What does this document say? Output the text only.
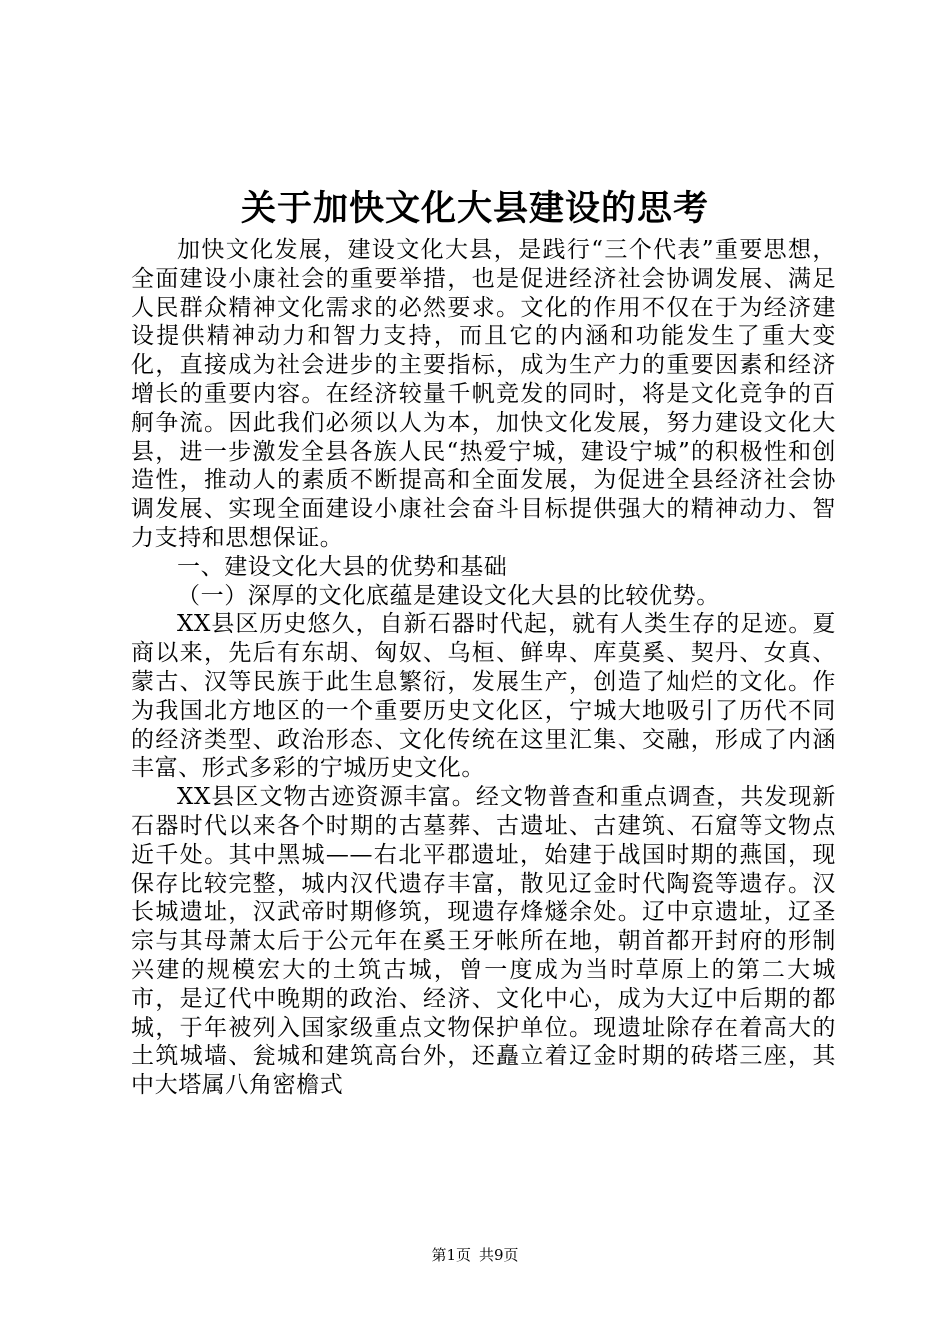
关于加快文化大县建设的思考

加快文化发展，建设文化大县，是践行“三个代表”重要思想，全面建设小康社会的重要举措，也是促进经济社会协调发展、满足人民群众精神文化需求的必然要求。文化的作用不仅在于为经济建设提供精神动力和智力支持，而且它的内涵和功能发生了重大变化，直接成为社会进步的主要指标，成为生产力的重要因素和经济增长的重要内容。在经济较量千帆竞发的同时，将是文化竞争的百舸争流。因此我们必须以人为本，加快文化发展，努力建设文化大县，进一步激发全县各族人民“热爱宁城，建设宁城”的积极性和创造性，推动人的素质不断提高和全面发展，为促进全县经济社会协调发展、实现全面建设小康社会奋斗目标提供强大的精神动力、智力支持和思想保证。

一、建设文化大县的优势和基础

（一）深厚的文化底蕴是建设文化大县的比较优势。

XX县区历史悠久，自新石器时代起，就有人类生存的足迹。夏商以来，先后有东胡、匈奴、乌桓、鲜卑、库莫奚、契丹、女真、蒙古、汉等民族于此生息繁衍，发展生产，创造了灿烂的文化。作为我国北方地区的一个重要历史文化区，宁城大地吸引了历代不同的经济类型、政治形态、文化传统在这里汇集、交融，形成了内涵丰富、形式多彩的宁城历史文化。

XX县区文物古迹资源丰富。经文物普查和重点调查，共发现新石器时代以来各个时期的古墓葬、古遗址、古建筑、石窟等文物点近千处。其中黑城——右北平郡遗址，始建于战国时期的燕国，现保存比较完整，城内汉代遗存丰富，散见辽金时代陶瓷等遗存。汉长城遗址，汉武帝时期修筑，现遗存烽燧余处。辽中京遗址，辽圣宗与其母萧太后于公元年在奚王牙帐所在地，朝首都开封府的形制兴建的规模宏大的土筑古城，曾一度成为当时草原上的第二大城市，是辽代中晚期的政治、经济、文化中心，成为大辽中后期的都城，于年被列入国家级重点文物保护单位。现遗址除存在着高大的土筑城墙、瓮城和建筑高台外，还矗立着辽金时期的砖塔三座，其中大塔属八角密檐式

第1页 共9页
